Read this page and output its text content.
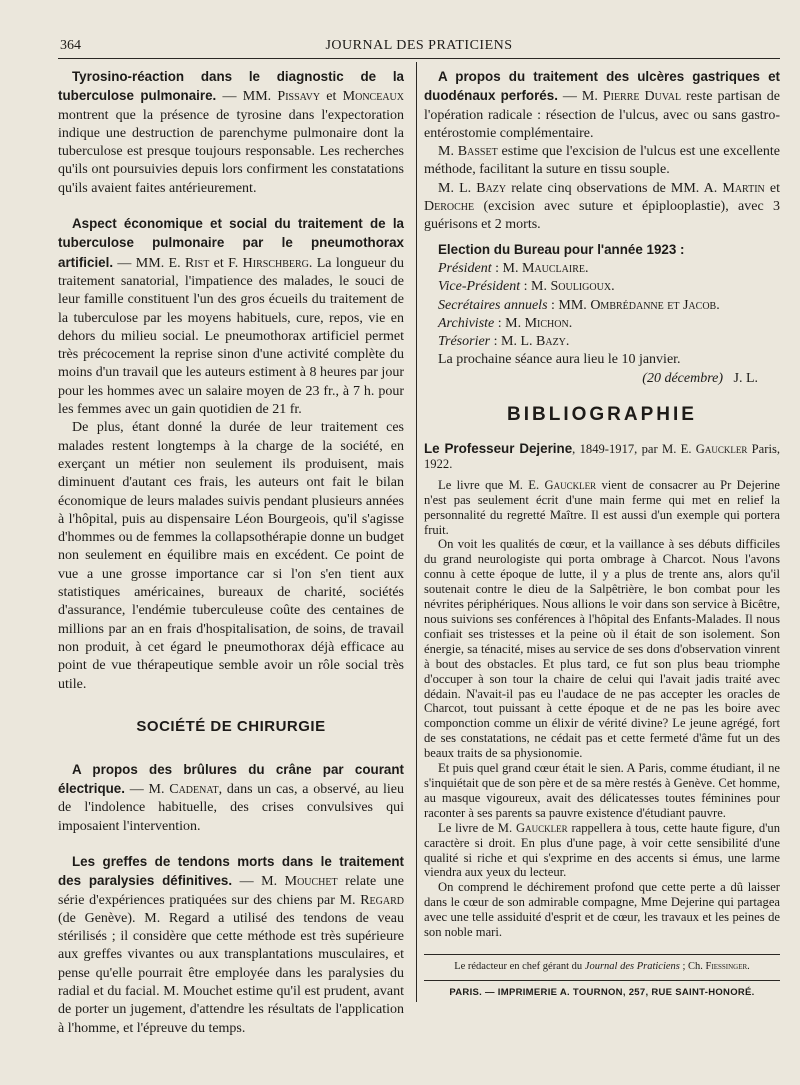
364	JOURNAL DES PRATICIENS

Tyrosino-réaction dans le diagnostic de la tuberculose pulmonaire. — MM. Pissavy et Monceaux montrent que la présence de tyrosine dans l'expectoration indique une destruction de parenchyme pulmonaire dont la tuberculose est presque toujours responsable. Les recherches qu'ils ont poursuivies depuis lors confirment les constatations qu'ils avaient faites antérieurement.

Aspect économique et social du traitement de la tuberculose pulmonaire par le pneumothorax artificiel. — MM. E. Rist et F. Hirschberg. La longueur du traitement sanatorial, l'impatience des malades, le souci de leur famille constituent l'un des gros écueils du traitement de la tuberculose par les moyens habituels, cure, repos, vie en dehors du milieu social. Le pneumothorax artificiel permet très précocement la reprise sinon d'une activité complète du moins d'un travail que les auteurs estiment à 8 heures par jour pour les hommes avec un salaire moyen de 23 fr., à 7 h. pour les femmes avec un gain quotidien de 21 fr.

De plus, étant donné la durée de leur traitement ces malades restent longtemps à la charge de la société, en exerçant un métier non seulement ils produisent, mais diminuent d'autant ces frais, les auteurs ont fait le bilan économique de leurs malades suivis pendant plusieurs années à l'hôpital, puis au dispensaire Léon Bourgeois, qu'il s'agisse d'hommes ou de femmes la collapsothérapie donne un budget non seulement en équilibre mais en excédent. Ce point de vue a une grosse importance car si l'on s'en tient aux statistiques américaines, bureaux de charité, sociétés d'assurance, l'endémie tuberculeuse coûte des centaines de millions par an en frais d'hospitalisation, de soins, de travail non produit, à cet égard le pneumothorax déjà efficace au point de vue thérapeutique semble avoir un rôle social très utile.

SOCIÉTÉ DE CHIRURGIE

A propos des brûlures du crâne par courant électrique. — M. Cadenat, dans un cas, a observé, au lieu de l'indolence habituelle, des crises convulsives qui imposaient l'intervention.

Les greffes de tendons morts dans le traitement des paralysies définitives. — M. Mouchet relate une série d'expériences pratiquées sur des chiens par M. Regard (de Genève). M. Regard a utilisé des tendons de veau stérilisés ; il considère que cette méthode est très supérieure aux greffes vivantes ou aux transplantations musculaires, et pense qu'elle pourrait être employée dans les paralysies du radial et du facial. M. Mouchet estime qu'il est prudent, avant de porter un jugement, d'attendre les résultats de l'application à l'homme, et l'épreuve du temps.

A propos du traitement des ulcères gastriques et duodénaux perforés. — M. Pierre Duval reste partisan de l'opération radicale : résection de l'ulcus, avec ou sans gastro-entérostomie complémentaire.

M. Basset estime que l'excision de l'ulcus est une excellente méthode, facilitant la suture en tissu souple.

M. L. Bazy relate cinq observations de MM. A. Martin et Deroche (excision avec suture et épiplooplastie), avec 3 guérisons et 2 morts.

Election du Bureau pour l'année 1923 :

Président : M. Mauclaire.
Vice-Président : M. Souligoux.
Secrétaires annuels : MM. Ombrédanne et Jacob.
Archiviste : M. Michon.
Trésorier : M. L. Bazy.

La prochaine séance aura lieu le 10 janvier.

(20 décembre) J. L.
BIBLIOGRAPHIE

Le Professeur Dejerine, 1849-1917, par M. E. Gauckler Paris, 1922.

Le livre que M. E. Gauckler vient de consacrer au Pr Dejerine n'est pas seulement écrit d'une main ferme qui met en relief la personnalité du regretté Maître. Il est aussi d'un exemple qui portera fruit.

On voit les qualités de cœur, et la vaillance à ses débuts difficiles du grand neurologiste qui porta ombrage à Charcot. Nous l'avons connu à cette époque de lutte, il y a plus de trente ans, alors qu'il soutenait contre le dieu de la Salpêtrière, le bon combat pour les névrites périphériques. Nous allions le voir dans son service à Bicêtre, nous suivions ses conférences à l'hôpital des Enfants-Malades. Il nous confiait ses tristesses et la peine où il était de son isolement. Son énergie, sa ténacité, mises au service de ses dons d'observation vinrent à bout des obstacles. Et plus tard, ce fut son plus beau triomphe d'occuper à son tour la chaire de celui qui l'avait jadis traité avec dédain. N'avait-il pas eu l'audace de ne pas accepter les oracles de Charcot, tout puissant à cette époque et de ne pas les boire avec componction comme un élixir de vérité divine? Le jeune agrégé, fort de ses constatations, ne cédait pas et cette fermeté d'âme fut un des beaux traits de sa physionomie.

Et puis quel grand cœur était le sien. A Paris, comme étudiant, il ne s'inquiétait que de son père et de sa mère restés à Genève. Cet homme, au masque vigoureux, avait des délicatesses toutes féminines pour raconter à ses parents sa pauvre existence d'étudiant pauvre.

Le livre de M. Gauckler rappellera à tous, cette haute figure, d'un caractère si droit. En plus d'une page, à voir cette sensibilité d'une qualité si riche et qui s'exprime en des accents si émus, une larme viendra aux yeux du lecteur.

On comprend le déchirement profond que cette perte a dû laisser dans le cœur de son admirable compagne, Mme Dejerine qui partagea avec une telle assiduité d'esprit et de cœur, les travaux et les peines de son noble mari.

Le rédacteur en chef gérant du Journal des Praticiens ; Ch. Fiessinger.
PARIS. — IMPRIMERIE A. TOURNON, 257, RUE SAINT-HONORÉ.
